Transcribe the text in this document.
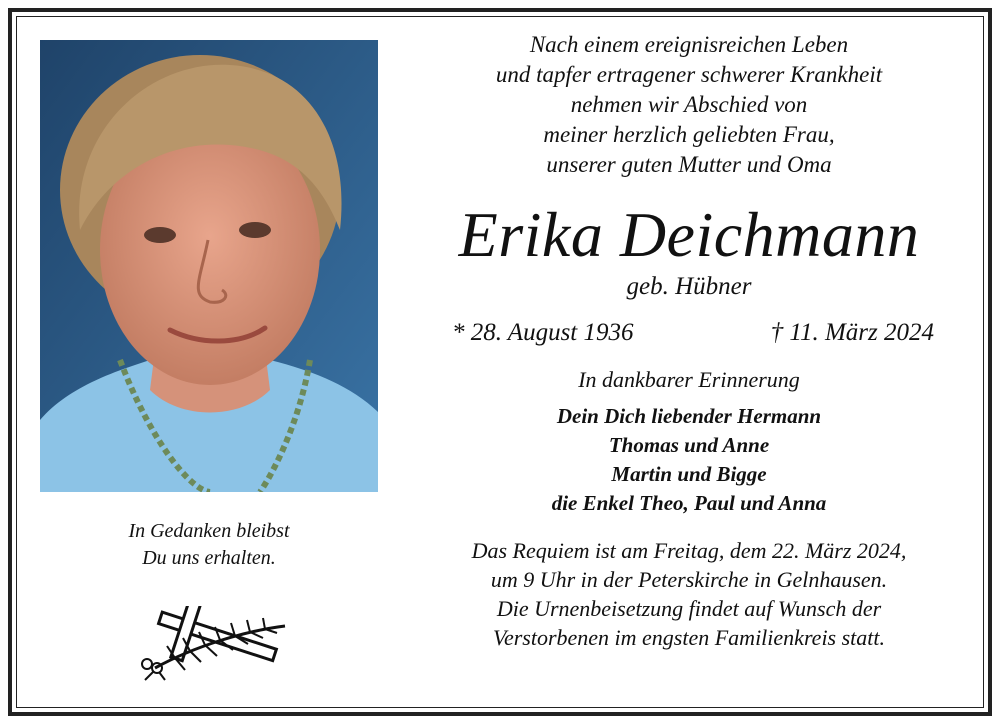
In Gedanken bleibst
Du uns erhalten.
Nach einem ereignisreichen Leben
und tapfer ertragener schwerer Krankheit
nehmen wir Abschied von
meiner herzlich geliebten Frau,
unserer guten Mutter und Oma
Erika Deichmann
geb. Hübner
* 28. August 1936	† 11. März 2024
In dankbarer Erinnerung
Dein Dich liebender Hermann
Thomas und Anne
Martin und Bigge
die Enkel Theo, Paul und Anna
Das Requiem ist am Freitag, dem 22. März 2024,
um 9 Uhr in der Peterskirche in Gelnhausen.
Die Urnenbeisetzung findet auf Wunsch der
Verstorbenen im engsten Familienkreis statt.
